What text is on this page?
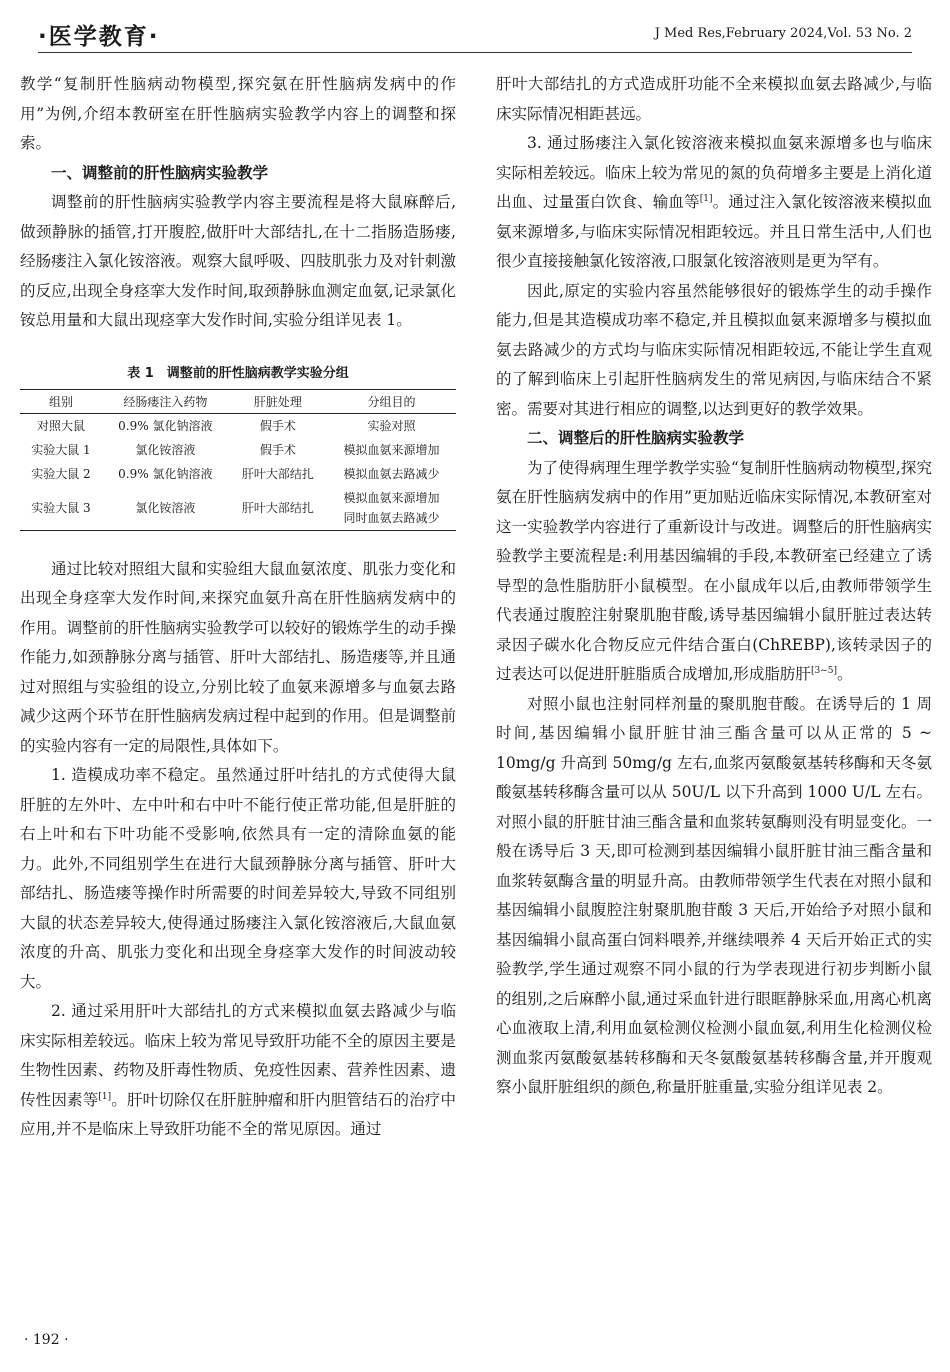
·医学教育·	J Med Res,February 2024,Vol. 53 No. 2

教学“复制肝性脑病动物模型,探究氨在肝性脑病发病中的作用”为例,介绍本教研室在肝性脑病实验教学内容上的调整和探索。

一、调整前的肝性脑病实验教学

调整前的肝性脑病实验教学内容主要流程是将大鼠麻醉后,做颈静脉的插管,打开腹腔,做肝叶大部结扎,在十二指肠造肠瘘,经肠瘘注入氯化铵溶液。观察大鼠呼吸、四肢肌张力及对针刺激的反应,出现全身痉挛大发作时间,取颈静脉血测定血氨,记录氯化铵总用量和大鼠出现痉挛大发作时间,实验分组详见表 1。

表 1　调整前的肝性脑病教学实验分组
组别	经肠瘘注入药物	肝脏处理	分组目的
对照大鼠	0.9% 氯化钠溶液	假手术	实验对照
实验大鼠 1	氯化铵溶液	假手术	模拟血氨来源增加
实验大鼠 2	0.9% 氯化钠溶液	肝叶大部结扎	模拟血氨去路减少
实验大鼠 3	氯化铵溶液	肝叶大部结扎	模拟血氨来源增加
同时血氨去路减少

通过比较对照组大鼠和实验组大鼠血氨浓度、肌张力变化和出现全身痉挛大发作时间,来探究血氨升高在肝性脑病发病中的作用。调整前的肝性脑病实验教学可以较好的锻炼学生的动手操作能力,如颈静脉分离与插管、肝叶大部结扎、肠造瘘等,并且通过对照组与实验组的设立,分别比较了血氨来源增多与血氨去路减少这两个环节在肝性脑病发病过程中起到的作用。但是调整前的实验内容有一定的局限性,具体如下。

1. 造模成功率不稳定。虽然通过肝叶结扎的方式使得大鼠肝脏的左外叶、左中叶和右中叶不能行使正常功能,但是肝脏的右上叶和右下叶功能不受影响,依然具有一定的清除血氨的能力。此外,不同组别学生在进行大鼠颈静脉分离与插管、肝叶大部结扎、肠造瘘等操作时所需要的时间差异较大,导致不同组别大鼠的状态差异较大,使得通过肠瘘注入氯化铵溶液后,大鼠血氨浓度的升高、肌张力变化和出现全身痉挛大发作的时间波动较大。

2. 通过采用肝叶大部结扎的方式来模拟血氨去路减少与临床实际相差较远。临床上较为常见导致肝功能不全的原因主要是生物性因素、药物及肝毒性物质、免疫性因素、营养性因素、遗传性因素等[1]。肝叶切除仅在肝脏肿瘤和肝内胆管结石的治疗中应用,并不是临床上导致肝功能不全的常见原因。通过

肝叶大部结扎的方式造成肝功能不全来模拟血氨去路减少,与临床实际情况相距甚远。

3. 通过肠瘘注入氯化铵溶液来模拟血氨来源增多也与临床实际相差较远。临床上较为常见的氮的负荷增多主要是上消化道出血、过量蛋白饮食、输血等[1]。通过注入氯化铵溶液来模拟血氨来源增多,与临床实际情况相距较远。并且日常生活中,人们也很少直接接触氯化铵溶液,口服氯化铵溶液则是更为罕有。

因此,原定的实验内容虽然能够很好的锻炼学生的动手操作能力,但是其造模成功率不稳定,并且模拟血氨来源增多与模拟血氨去路减少的方式均与临床实际情况相距较远,不能让学生直观的了解到临床上引起肝性脑病发生的常见病因,与临床结合不紧密。需要对其进行相应的调整,以达到更好的教学效果。

二、调整后的肝性脑病实验教学

为了使得病理生理学教学实验“复制肝性脑病动物模型,探究氨在肝性脑病发病中的作用”更加贴近临床实际情况,本教研室对这一实验教学内容进行了重新设计与改进。调整后的肝性脑病实验教学主要流程是:利用基因编辑的手段,本教研室已经建立了诱导型的急性脂肪肝小鼠模型。在小鼠成年以后,由教师带领学生代表通过腹腔注射聚肌胞苷酸,诱导基因编辑小鼠肝脏过表达转录因子碳水化合物反应元件结合蛋白(ChREBP),该转录因子的过表达可以促进肝脏脂质合成增加,形成脂肪肝[3~5]。

对照小鼠也注射同样剂量的聚肌胞苷酸。在诱导后的 1 周时间,基因编辑小鼠肝脏甘油三酯含量可以从正常的 5 ~ 10mg/g 升高到 50mg/g 左右,血浆丙氨酸氨基转移酶和天冬氨酸氨基转移酶含量可以从 50U/L 以下升高到 1000 U/L 左右。对照小鼠的肝脏甘油三酯含量和血浆转氨酶则没有明显变化。一般在诱导后 3 天,即可检测到基因编辑小鼠肝脏甘油三酯含量和血浆转氨酶含量的明显升高。由教师带领学生代表在对照小鼠和基因编辑小鼠腹腔注射聚肌胞苷酸 3 天后,开始给予对照小鼠和基因编辑小鼠高蛋白饲料喂养,并继续喂养 4 天后开始正式的实验教学,学生通过观察不同小鼠的行为学表现进行初步判断小鼠的组别,之后麻醉小鼠,通过采血针进行眼眶静脉采血,用离心机离心血液取上清,利用血氨检测仪检测小鼠血氨,利用生化检测仪检测血浆丙氨酸氨基转移酶和天冬氨酸氨基转移酶含量,并开腹观察小鼠肝脏组织的颜色,称量肝脏重量,实验分组详见表 2。

· 192 ·
